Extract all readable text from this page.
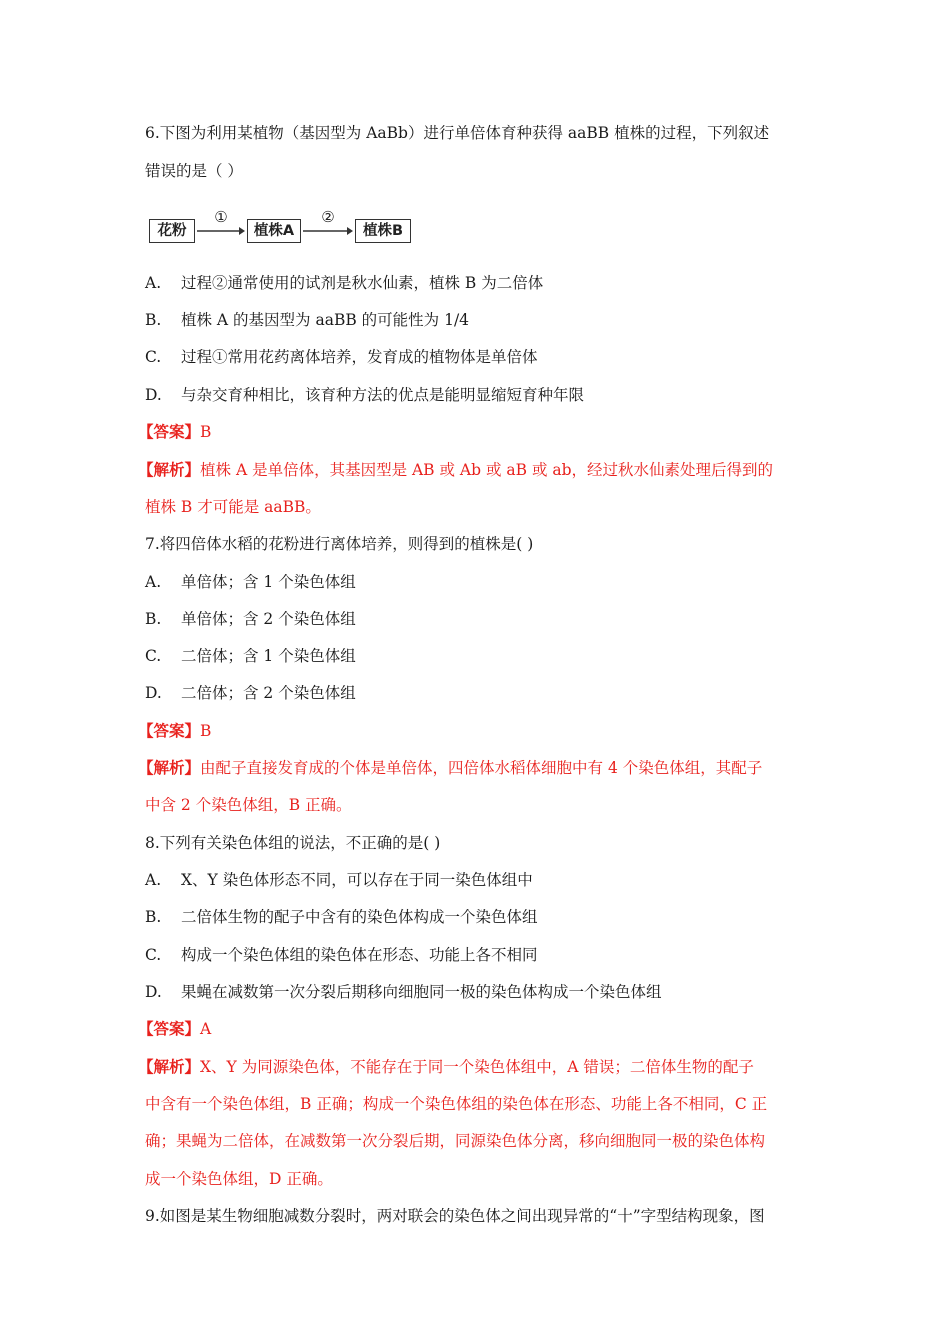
6.下图为利用某植物（基因型为 AaBb）进行单倍体育种获得 aaBB 植株的过程，下列叙述
错误的是（ ）
花粉
①
植株A
②
植株B
A. 过程②通常使用的试剂是秋水仙素，植株 B 为二倍体
B. 植株 A 的基因型为 aaBB 的可能性为 1/4
C. 过程①常用花药离体培养，发育成的植物体是单倍体
D. 与杂交育种相比，该育种方法的优点是能明显缩短育种年限
【答案】B
【解析】植株 A 是单倍体，其基因型是 AB 或 Ab 或 aB 或 ab，经过秋水仙素处理后得到的
植株 B 才可能是 aaBB。
7.将四倍体水稻的花粉进行离体培养，则得到的植株是( )
A. 单倍体；含 1 个染色体组
B. 单倍体；含 2 个染色体组
C. 二倍体；含 1 个染色体组
D. 二倍体；含 2 个染色体组
【答案】B
【解析】由配子直接发育成的个体是单倍体，四倍体水稻体细胞中有 4 个染色体组，其配子
中含 2 个染色体组，B 正确。
8.下列有关染色体组的说法，不正确的是( )
A. X、Y 染色体形态不同，可以存在于同一染色体组中
B. 二倍体生物的配子中含有的染色体构成一个染色体组
C. 构成一个染色体组的染色体在形态、功能上各不相同
D. 果蝇在减数第一次分裂后期移向细胞同一极的染色体构成一个染色体组
【答案】A
【解析】X、Y 为同源染色体，不能存在于同一个染色体组中，A 错误；二倍体生物的配子
中含有一个染色体组，B 正确；构成一个染色体组的染色体在形态、功能上各不相同，C 正
确；果蝇为二倍体，在减数第一次分裂后期，同源染色体分离，移向细胞同一极的染色体构
成一个染色体组，D 正确。
9.如图是某生物细胞减数分裂时，两对联会的染色体之间出现异常的“十”字型结构现象，图
